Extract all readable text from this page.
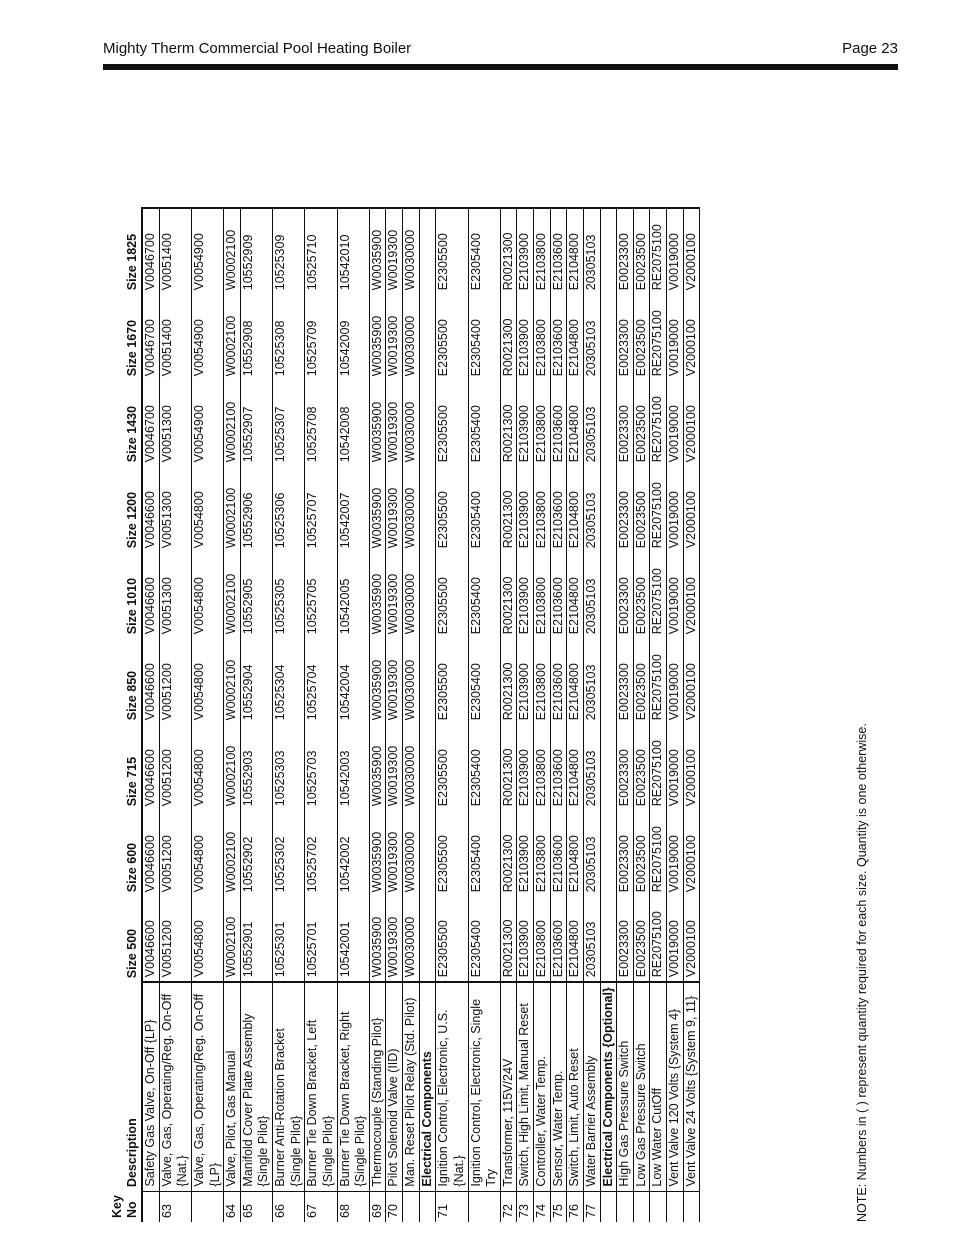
Mighty Therm Commercial Pool Heating Boiler	Page 23
Key No	Description	Size 500	Size 600	Size 715	Size 850	Size 1010	Size 1200	Size 1430	Size 1670	Size 1825
	Safety Gas Valve, On-Off {LP}	V0046600	V0046600	V0046600	V0046600	V0046600	V0046600	V0046700	V0046700	V0046700
63	Valve, Gas, Operating/Reg. On-Off {Nat.}	V0051200	V0051200	V0051200	V0051200	V0051300	V0051300	V0051300	V0051400	V0051400
	Valve, Gas, Operating/Reg. On-Off {LP}	V0054800	V0054800	V0054800	V0054800	V0054800	V0054800	V0054900	V0054900	V0054900
64	Valve, Pilot, Gas Manual	W0002100	W0002100	W0002100	W0002100	W0002100	W0002100	W0002100	W0002100	W0002100
65	Manifold Cover Plate Assembly {Single Pilot}	10552901	10552902	10552903	10552904	10552905	10552906	10552907	10552908	10552909
66	Burner Anti-Rotation Bracket {Single Pilot}	10525301	10525302	10525303	10525304	10525305	10525306	10525307	10525308	10525309
67	Burner Tie Down Bracket, Left {Single Pilot}	10525701	10525702	10525703	10525704	10525705	10525707	10525708	10525709	10525710
68	Burner Tie Down Bracket, Right {Single Pilot}	10542001	10542002	10542003	10542004	10542005	10542007	10542008	10542009	10542010
69	Thermocouple {Standing Pilot}	W0035900	W0035900	W0035900	W0035900	W0035900	W0035900	W0035900	W0035900	W0035900
70	Pilot Solenoid Valve (IID)	W0019300	W0019300	W0019300	W0019300	W0019300	W0019300	W0019300	W0019300	W0019300
	Man. Reset Pilot Relay (Std. Pilot)	W0030000	W0030000	W0030000	W0030000	W0030000	W0030000	W0030000	W0030000	W0030000
	Electrical Components									
71	Ignition Control, Electronic, U.S. {Nat.}	E2305500	E2305500	E2305500	E2305500	E2305500	E2305500	E2305500	E2305500	E2305500
	Ignition Control, Electronic, Single Try	E2305400	E2305400	E2305400	E2305400	E2305400	E2305400	E2305400	E2305400	E2305400
72	Transformer, 115V/24V	R0021300	R0021300	R0021300	R0021300	R0021300	R0021300	R0021300	R0021300	R0021300
73	Switch, High Limit, Manual Reset	E2103900	E2103900	E2103900	E2103900	E2103900	E2103900	E2103900	E2103900	E2103900
74	Controller, Water Temp.	E2103800	E2103800	E2103800	E2103800	E2103800	E2103800	E2103800	E2103800	E2103800
75	Sensor, Water Temp.	E2103600	E2103600	E2103600	E2103600	E2103600	E2103600	E2103600	E2103600	E2103600
76	Switch, Limit, Auto Reset	E2104800	E2104800	E2104800	E2104800	E2104800	E2104800	E2104800	E2104800	E2104800
77	Water Barrier Assembly	20305103	20305103	20305103	20305103	20305103	20305103	20305103	20305103	20305103
	Electrical Components {Optional}									
	High Gas Pressure Switch	E0023300	E0023300	E0023300	E0023300	E0023300	E0023300	E0023300	E0023300	E0023300
	Low Gas Pressure Switch	E0023500	E0023500	E0023500	E0023500	E0023500	E0023500	E0023500	E0023500	E0023500
	Low Water CutOff	RE2075100	RE2075100	RE2075100	RE2075100	RE2075100	RE2075100	RE2075100	RE2075100	RE2075100
	Vent Valve 120 Volts {System 4}	V0019000	V0019000	V0019000	V0019000	V0019000	V0019000	V0019000	V0019000	V0019000
	Vent Valve 24 Volts {System 9, 11}	V2000100	V2000100	V2000100	V2000100	V2000100	V2000100	V2000100	V2000100	V2000100
NOTE: Numbers in ( ) represent quantity required for each size. Quantity is one otherwise.
